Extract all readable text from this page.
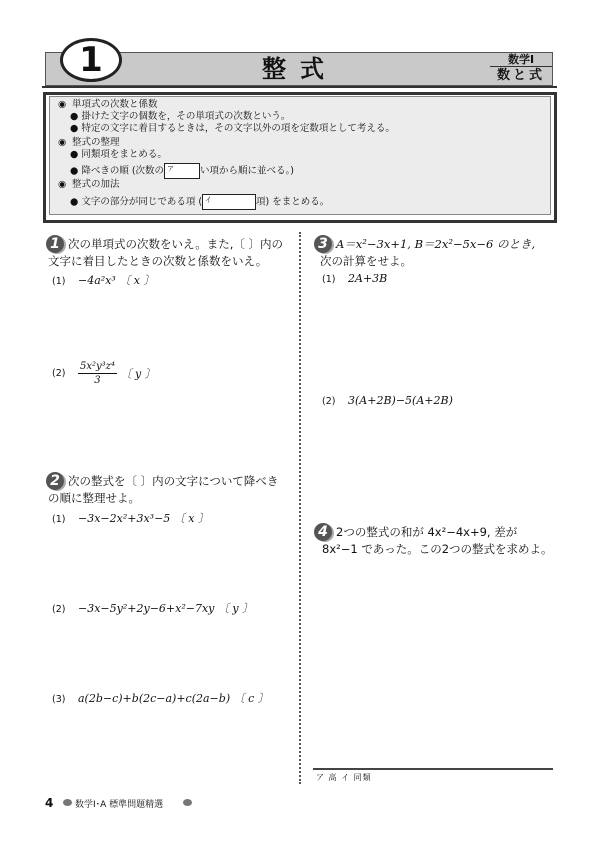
1	整式	数学Ⅰ
数と式
◉ 単項式の次数と係数
● 掛けた文字の個数を，その単項式の次数という。
● 特定の文字に着目するときは，その文字以外の項を定数項として考える。
◉ 整式の整理
● 同類項をまとめる。
● 降べきの順 (次数の ア	い項から順に並べる。)
◉ 整式の加法
● 文字の部分が同じである項 ( イ	項) をまとめる。
1 次の単項式の次数をいえ。また,〔 〕内の
文字に着目したときの次数と係数をいえ。
(1) −4a²x³ 〔 x 〕
$(2) \frac{\text{5x²y³z⁴}}{3}$ 〔 y 〕
2 次の整式を〔 〕内の文字について降べき
の順に整理せよ。
(1) −3x−2x²+3x³−5 〔 x 〕
(2) −3x−5y²+2y−6+x²−7xy 〔 y 〕
(3) a(2b−c)+b(2c−a)+c(2a−b) 〔 c 〕
3 A＝x²−3x+1, B＝2x²−5x−6 のとき,
次の計算をせよ。
(1) 2A+3B
(2) 3(A+2B)−5(A+2B)
4 2つの整式の和が 4x²−4x+9, 差が
8x²−1 であった。この2つの整式を求めよ。
ア 高 イ 同類
4 数学Ⅰ･A 標準問題精選
